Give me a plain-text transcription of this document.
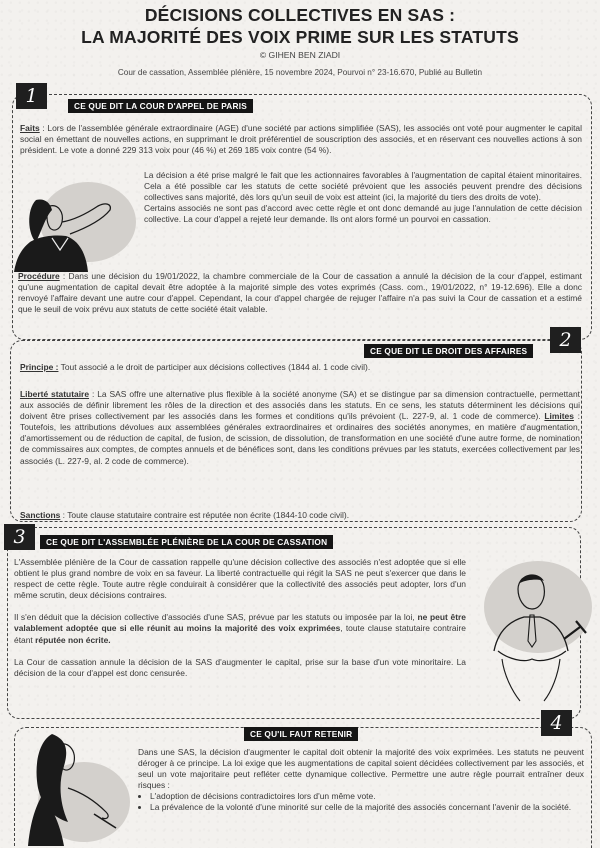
DÉCISIONS COLLECTIVES EN SAS :
LA MAJORITÉ DES VOIX PRIME SUR LES STATUTS
© GIHEN BEN ZIADI
Cour de cassation, Assemblée plénière, 15 novembre 2024, Pourvoi n° 23-16.670, Publié au Bulletin
1	CE QUE DIT LA COUR D'APPEL DE PARIS
Faits : Lors de l'assemblée générale extraordinaire (AGE) d'une société par actions simplifiée (SAS), les associés ont voté pour augmenter le capital social en émettant de nouvelles actions, en supprimant le droit préférentiel de souscription des associés, et en réservant ces nouvelles actions à son président. Le vote a donné 229 313 voix pour (46 %) et 269 185 voix contre (54 %).

La décision a été prise malgré le fait que les actionnaires favorables à l'augmentation de capital étaient minoritaires. Cela a été possible car les statuts de cette société prévoient que les associés peuvent prendre des décisions collectives sans majorité, dès lors qu'un seuil de voix est atteint (ici, la majorité du tiers des droits de vote).

Certains associés ne sont pas d'accord avec cette règle et ont donc demandé au juge l'annulation de cette décision collective. La cour d'appel a rejeté leur demande. Ils ont alors formé un pourvoi en cassation.

Procédure : Dans une décision du 19/01/2022, la chambre commerciale de la Cour de cassation a annulé la décision de la cour d'appel, estimant qu'une augmentation de capital devait être adoptée à la majorité simple des votes exprimés (Cass. com., 19/01/2022, n° 19-12.696). Elle a donc renvoyé l'affaire devant une autre cour d'appel. Cependant, la cour d'appel chargée de rejuger l'affaire n'a pas suivi la Cour de cassation et a estimé que le seuil de voix prévu aux statuts de cette société était valable.
2
CE QUE DIT LE DROIT DES AFFAIRES
Principe : Tout associé a le droit de participer aux décisions collectives (1844 al. 1 code civil).
Liberté statutaire : La SAS offre une alternative plus flexible à la société anonyme (SA) et se distingue par sa dimension contractuelle, permettant aux associés de définir librement les rôles de la direction et des associés dans les statuts. En ce sens, les statuts déterminent les décisions qui doivent être prises collectivement par les associés dans les formes et conditions qu'ils prévoient (L. 227-9, al. 1 code de commerce). Limites : Toutefois, les attributions dévolues aux assemblées générales extraordinaires et ordinaires des sociétés anonymes, en matière d'augmentation, d'amortissement ou de réduction de capital, de fusion, de scission, de dissolution, de transformation en une société d'une autre forme, de nomination de commissaires aux comptes, de comptes annuels et de bénéfices sont, dans les conditions prévues par les statuts, exercées collectivement par les associés (L. 227-9, al. 2 code de commerce).
Sanctions : Toute clause statutaire contraire est réputée non écrite (1844-10 code civil).
3	CE QUE DIT L'ASSEMBLÉE PLÉNIÈRE DE LA COUR DE CASSATION

L'Assemblée plénière de la Cour de cassation rappelle qu'une décision collective des associés n'est adoptée que si elle obtient le plus grand nombre de voix en sa faveur. La liberté contractuelle qui régit la SAS ne peut s'exercer que dans le respect de cette règle. Toute autre règle conduirait à considérer que la collectivité des associés peut adopter, lors d'un même scrutin, deux décisions contraires.

Il s'en déduit que la décision collective d'associés d'une SAS, prévue par les statuts ou imposée par la loi, ne peut être valablement adoptée que si elle réunit au moins la majorité des voix exprimées, toute clause statutaire contraire étant réputée non écrite.

La Cour de cassation annule la décision de la SAS d'augmenter le capital, prise sur la base d'un vote minoritaire. La décision de la cour d'appel est donc censurée.

4
CE QU'IL FAUT RETENIR

Dans une SAS, la décision d'augmenter le capital doit obtenir la majorité des voix exprimées. Les statuts ne peuvent déroger à ce principe. La loi exige que les augmentations de capital soient décidées collectivement par les associés, et seul un vote majoritaire peut refléter cette dynamique collective. Permettre une autre règle pourrait entraîner deux risques :

• L'adoption de décisions contradictoires lors d'un même vote.
• La prévalence de la volonté d'une minorité sur celle de la majorité des associés concernant l'avenir de la société.
